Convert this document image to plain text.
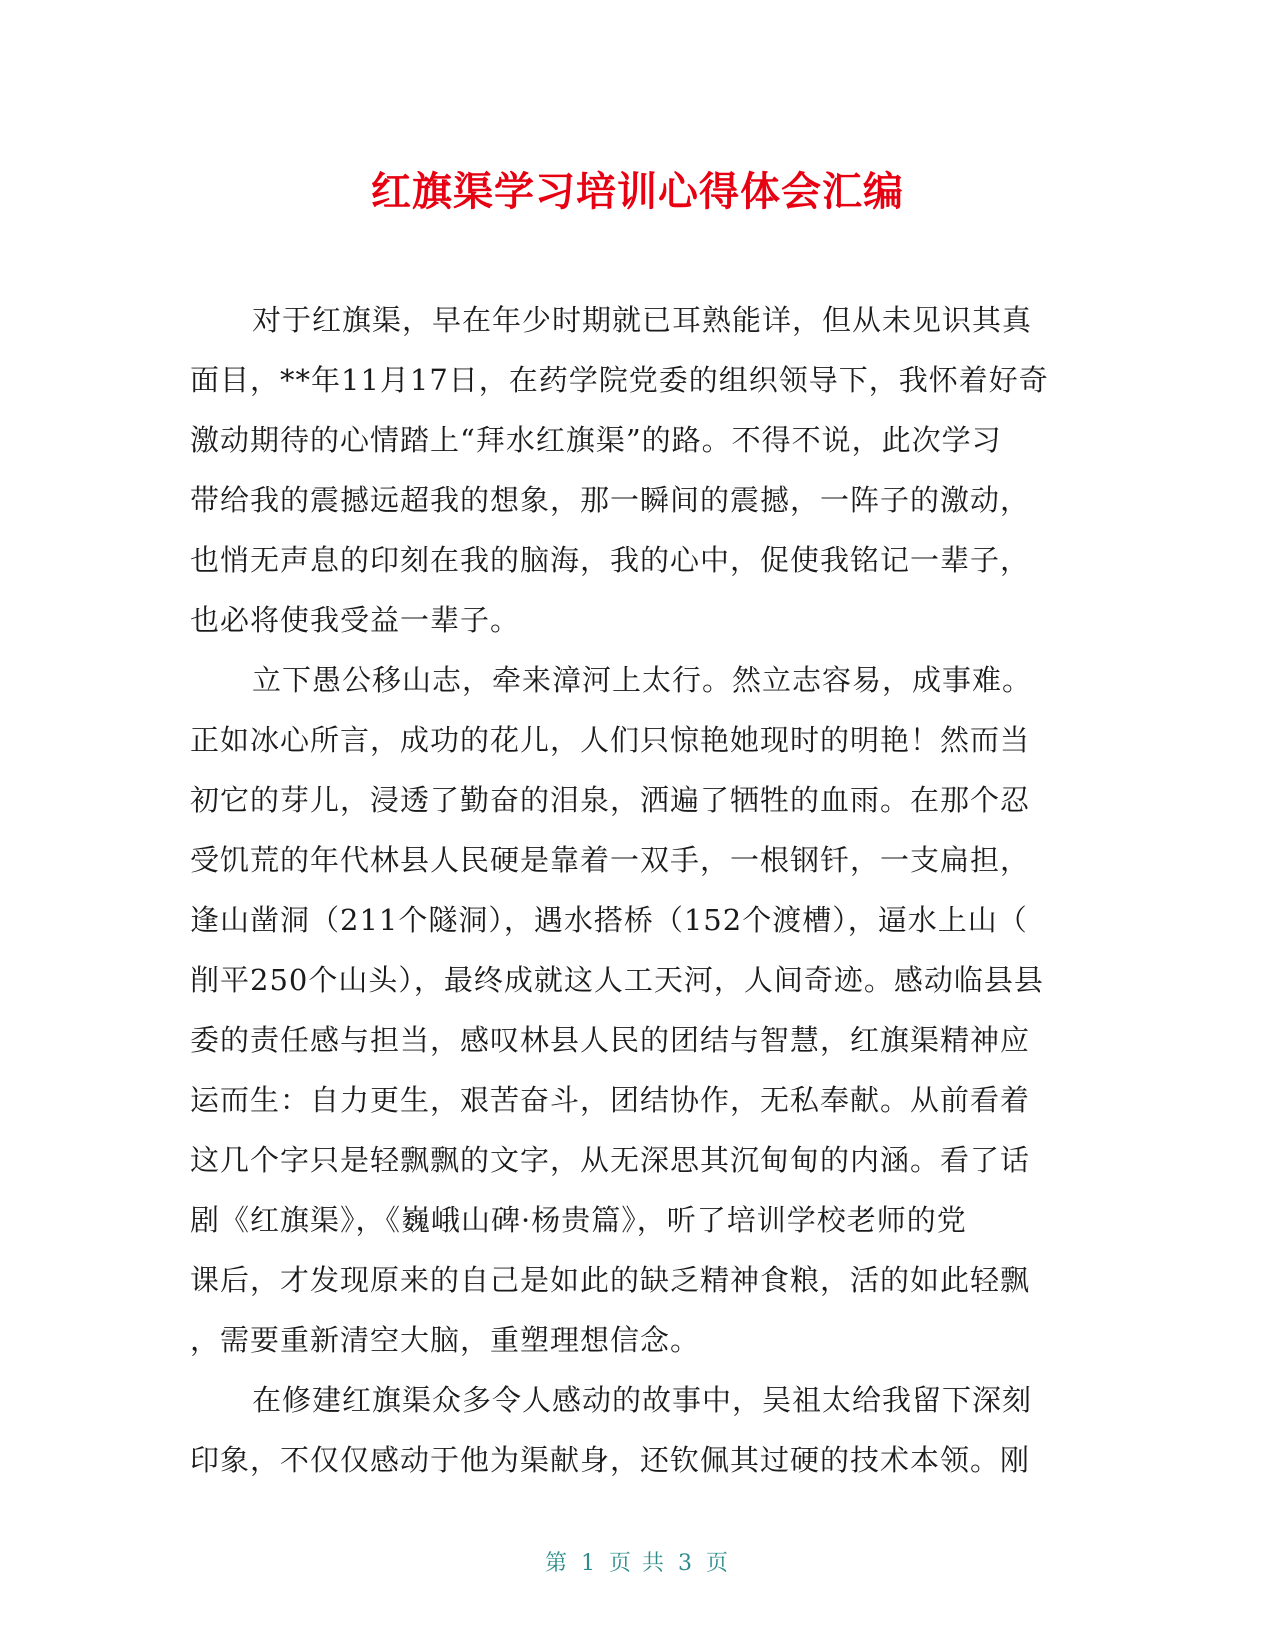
红旗渠学习培训心得体会汇编
对于红旗渠，早在年少时期就已耳熟能详，但从未见识其真
面目，**年11月17日，在药学院党委的组织领导下，我怀着好奇
激动期待的心情踏上“拜水红旗渠”的路。不得不说，此次学习
带给我的震撼远超我的想象，那一瞬间的震撼，一阵子的激动，
也悄无声息的印刻在我的脑海，我的心中，促使我铭记一辈子，
也必将使我受益一辈子。
立下愚公移山志，牵来漳河上太行。然立志容易，成事难。
正如冰心所言，成功的花儿，人们只惊艳她现时的明艳！然而当
初它的芽儿，浸透了勤奋的泪泉，洒遍了牺牲的血雨。在那个忍
受饥荒的年代林县人民硬是靠着一双手，一根钢钎，一支扁担，
逢山凿洞（211个隧洞），遇水搭桥（152个渡槽），逼水上山（
削平250个山头），最终成就这人工天河，人间奇迹。感动临县县
委的责任感与担当，感叹林县人民的团结与智慧，红旗渠精神应
运而生：自力更生，艰苦奋斗，团结协作，无私奉献。从前看着
这几个字只是轻飘飘的文字，从无深思其沉甸甸的内涵。看了话
剧《红旗渠》，《巍峨山碑·杨贵篇》，听了培训学校老师的党
课后，才发现原来的自己是如此的缺乏精神食粮，活的如此轻飘
，需要重新清空大脑，重塑理想信念。
在修建红旗渠众多令人感动的故事中，吴祖太给我留下深刻
印象，不仅仅感动于他为渠献身，还钦佩其过硬的技术本领。刚
第 1 页 共 3 页
